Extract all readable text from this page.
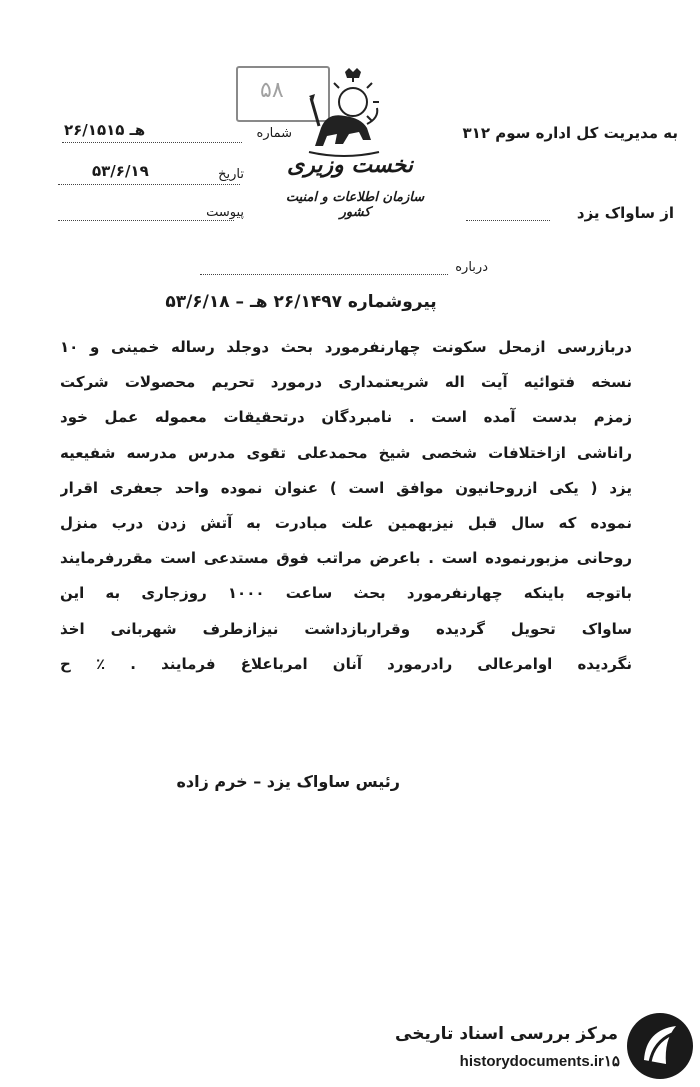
۵۸
نخست وزیری
سازمان اطلاعات و امنیت کشور
به مدیریت کل اداره سوم ۳۱۲
از ساواک یزد
شماره
۲۶/۱۵۱۵ هـ
تاریخ
۵۳/۶/۱۹
پیوست
درباره
پیروشماره ۲۶/۱۴۹۷ هـ – ۵۳/۶/۱۸
دربازرسی ازمحل سکونت چهارنفرمورد بحث دوجلد رساله خمینی و ۱۰
نسخه فتوائیه آیت اله شریعتمداری درمورد تحریم محصولات شرکت
زمزم بدست آمده است . نامبردگان درتحقیقات معموله عمل خود
راناشی ازاختلافات شخصی شیخ محمدعلی تقوی مدرس مدرسه شفیعیه
یزد ( یکی ازروحانیون موافق است ) عنوان نموده واحد جعفری اقرار
نموده که سال قبل نیزبهمین علت مبادرت به آتش زدن درب منزل
روحانی مزبورنموده است . باعرض مراتب فوق مستدعی است مقررفرمایند
باتوجه باینکه چهارنفرمورد بحث ساعت ۱۰۰۰ روزجاری به این
ساواک تحویل گردیده وقراربازداشت نیزازطرف شهربانی اخذ
نگردیده اوامرعالی رادرمورد آنان امرباعلاغ فرمایند . ٪ ح
رئیس ساواک یزد – خرم زاده
مرکز بررسی اسناد تاریخی
historydocuments.ir۱۵
